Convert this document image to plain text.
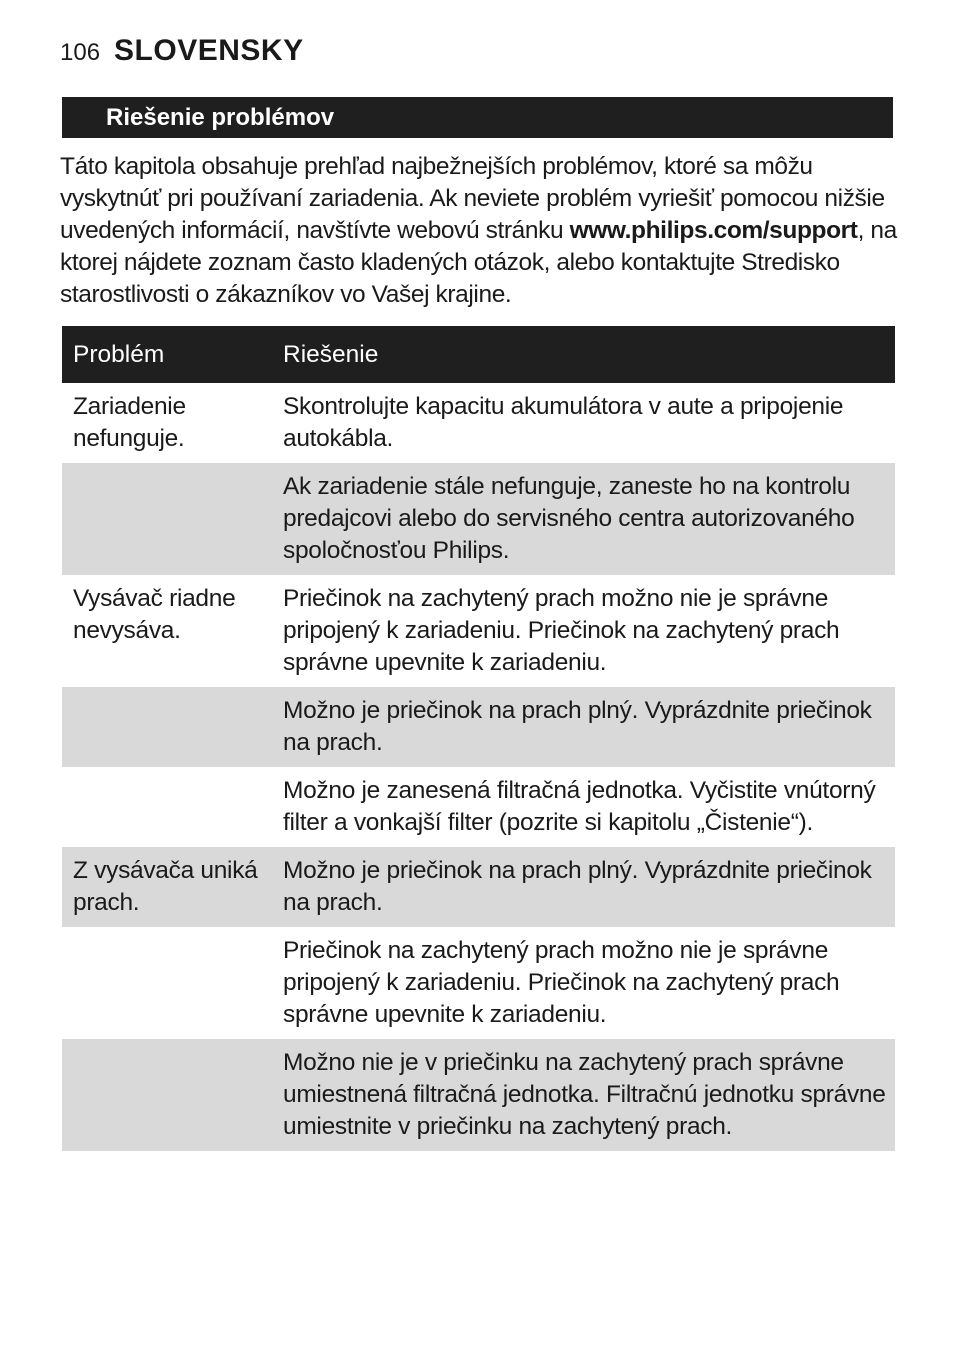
106 SLOVENSKY
Riešenie problémov

Táto kapitola obsahuje prehľad najbežnejších problémov, ktoré sa môžu vyskytnúť pri používaní zariadenia. Ak neviete problém vyriešiť pomocou nižšie uvedených informácií, navštívte webovú stránku www.philips.com/support, na ktorej nájdete zoznam často kladených otázok, alebo kontaktujte Stredisko starostlivosti o zákazníkov vo Vašej krajine.

Problém	Riešenie
Zariadenie nefunguje.	Skontrolujte kapacitu akumulátora v aute a pripojenie autokábla.
	Ak zariadenie stále nefunguje, zaneste ho na kontrolu predajcovi alebo do servisného centra autorizovaného spoločnosťou Philips.
Vysávač riadne nevysáva.	Priečinok na zachytený prach možno nie je správne pripojený k zariadeniu. Priečinok na zachytený prach správne upevnite k zariadeniu.
	Možno je priečinok na prach plný. Vyprázdnite priečinok na prach.
	Možno je zanesená filtračná jednotka. Vyčistite vnútorný filter a vonkajší filter (pozrite si kapitolu „Čistenie“).
Z vysávača uniká prach.	Možno je priečinok na prach plný. Vyprázdnite priečinok na prach.
	Priečinok na zachytený prach možno nie je správne pripojený k zariadeniu. Priečinok na zachytený prach správne upevnite k zariadeniu.
	Možno nie je v priečinku na zachytený prach správne umiestnená filtračná jednotka. Filtračnú jednotku správne umiestnite v priečinku na zachytený prach.
